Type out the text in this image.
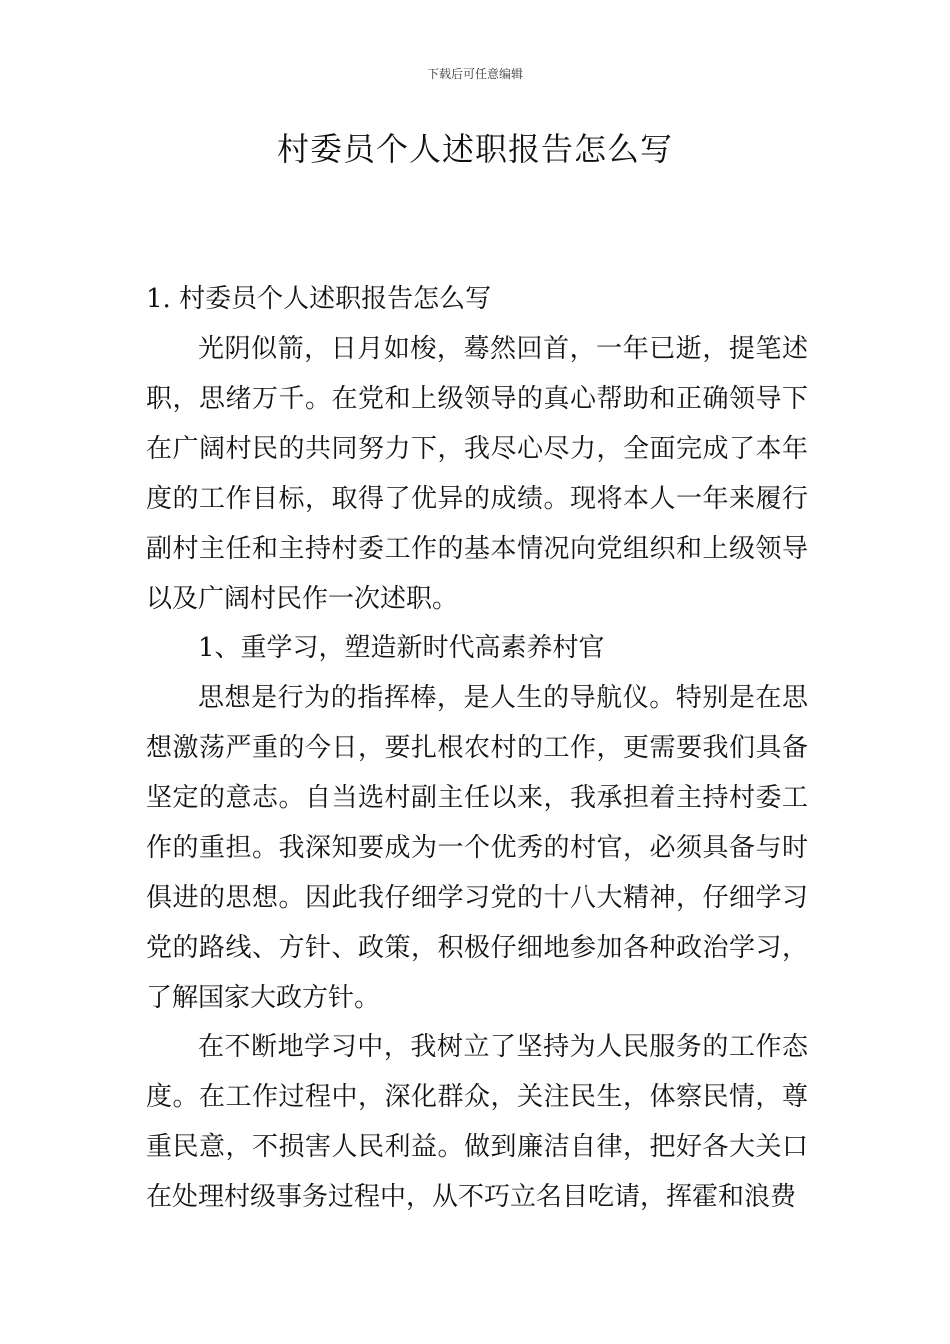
下载后可任意编辑
村委员个人述职报告怎么写
1. 村委员个人述职报告怎么写

光阴似箭，日月如梭，蓦然回首，一年已逝，提笔述职，思绪万千。在党和上级领导的真心帮助和正确领导下在广阔村民的共同努力下，我尽心尽力，全面完成了本年度的工作目标，取得了优异的成绩。现将本人一年来履行副村主任和主持村委工作的基本情况向党组织和上级领导以及广阔村民作一次述职。

1、重学习，塑造新时代高素养村官

思想是行为的指挥棒，是人生的导航仪。特别是在思想激荡严重的今日，要扎根农村的工作，更需要我们具备坚定的意志。自当选村副主任以来，我承担着主持村委工作的重担。我深知要成为一个优秀的村官，必须具备与时俱进的思想。因此我仔细学习党的十八大精神，仔细学习党的路线、方针、政策，积极仔细地参加各种政治学习，了解国家大政方针。

在不断地学习中，我树立了坚持为人民服务的工作态度。在工作过程中，深化群众，关注民生，体察民情，尊重民意，不损害人民利益。做到廉洁自律，把好各大关口在处理村级事务过程中，从不巧立名目吃请，挥霍和浪费
